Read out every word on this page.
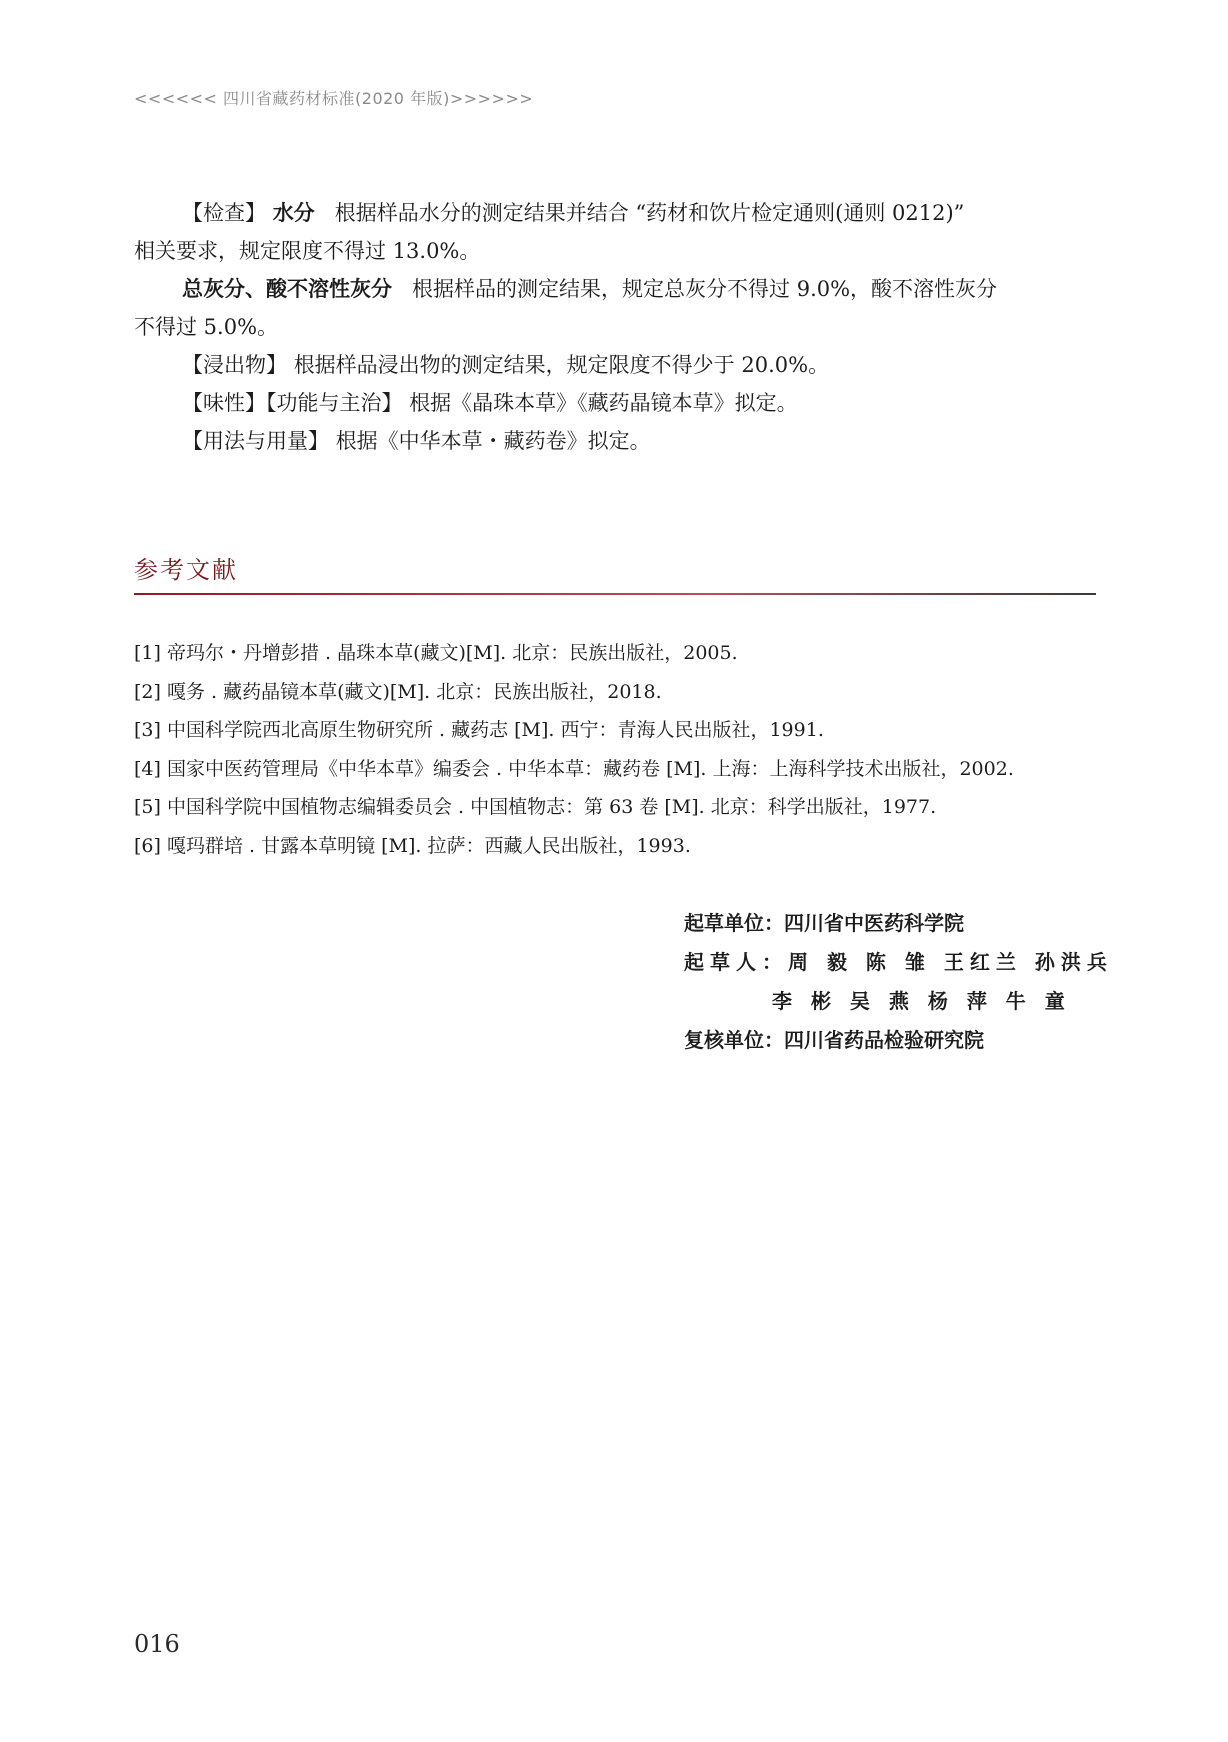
<<<<<< 四川省藏药材标准(2020 年版)>>>>>>

【检查】 水分 根据样品水分的测定结果并结合 “药材和饮片检定通则(通则 0212)”

相关要求，规定限度不得过 13.0%。

总灰分、酸不溶性灰分 根据样品的测定结果，规定总灰分不得过 9.0%，酸不溶性灰分

不得过 5.0%。

【浸出物】 根据样品浸出物的测定结果，规定限度不得少于 20.0%。

【味性】【功能与主治】 根据《晶珠本草》《藏药晶镜本草》拟定。

【用法与用量】 根据《中华本草・藏药卷》拟定。

参考文献
[1] 帝玛尔・丹增彭措 . 晶珠本草(藏文)[M]. 北京：民族出版社，2005.
[2] 嘎务 . 藏药晶镜本草(藏文)[M]. 北京：民族出版社，2018.
[3] 中国科学院西北高原生物研究所 . 藏药志 [M]. 西宁：青海人民出版社，1991.
[4] 国家中医药管理局《中华本草》编委会 . 中华本草：藏药卷 [M]. 上海：上海科学技术出版社，2002.
[5] 中国科学院中国植物志编辑委员会 . 中国植物志：第 63 卷 [M]. 北京：科学出版社，1977.
[6] 嘎玛群培 . 甘露本草明镜 [M]. 拉萨：西藏人民出版社，1993.
起草单位：四川省中医药科学院
起草人：周 毅 陈 雏 王红兰 孙洪兵
李 彬 吴 燕 杨 萍 牛 童
复核单位：四川省药品检验研究院
016
